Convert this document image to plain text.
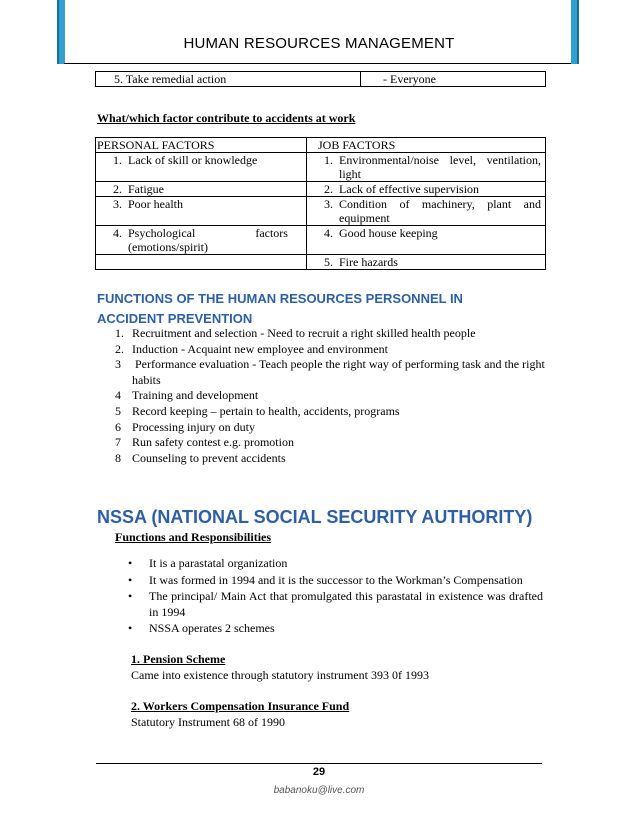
HUMAN RESOURCES MANAGEMENT
5. Take remedial action	- Everyone
What/which factor contribute to accidents at work
PERSONAL FACTORS	JOB FACTORS

1. Lack of skill or knowledge	1. Environmental/noise level, ventilation, light

2. Fatigue	2. Lack of effective supervision

3. Poor health	3. Condition of machinery, plant and equipment

4. Psychological                    factors (emotions/spirit)	4. Good house keeping

	5. Fire hazards
FUNCTIONS OF THE HUMAN RESOURCES PERSONNEL IN
ACCIDENT PREVENTION
1. Recruitment and selection - Need to recruit a right skilled health people
2. Induction - Acquaint new employee and environment
3 Performance evaluation - Teach people the right way of performing task and the right habits
4 Training and development
5 Record keeping – pertain to health, accidents, programs
6 Processing injury on duty
7 Run safety contest e.g. promotion
8 Counseling to prevent accidents
NSSA (NATIONAL SOCIAL SECURITY AUTHORITY)
Functions and Responsibilities
•	It is a parastatal organization
•	It was formed in 1994 and it is the successor to the Workman’s Compensation
•	The principal/ Main Act that promulgated this parastatal in existence was drafted in 1994
•	NSSA operates 2 schemes
1. Pension Scheme
Came into existence through statutory instrument 393 0f 1993
2. Workers Compensation Insurance Fund
Statutory Instrument 68 of 1990
29
babanoku@live.com
